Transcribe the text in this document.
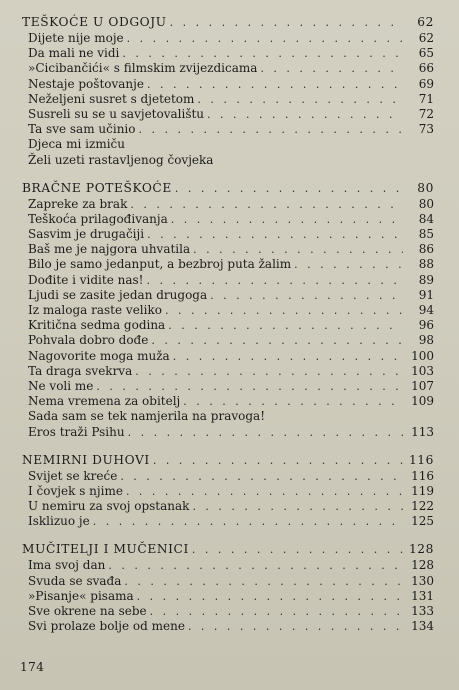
TEŠKOĆE U ODGOJU . . .	62
Dijete nije moje . . .	62
Da mali ne vidi . . .	65
»Cicibančići« s filmskim zvijezdicama . . .	66
Nestaje poštovanje . . .	69
Neželjeni susret s djetetom . . .	71
Susreli su se u savjetovalištu . . .	72
Ta sve sam učinio . . .	73
Djeca mi izmiču
Želi uzeti rastavljenog čovjeka
BRAČNE POTEŠKOĆE . . .	80
Zapreke za brak . . .	80
Teškoća prilagođivanja . . .	84
Sasvim je drugačiji . . .	85
Baš me je najgora uhvatila . . .	86
Bilo je samo jedanput, a bezbroj puta žalim . . .	88
Dođite i vidite nas! . . .	89
Ljudi se zasite jedan drugoga . . .	91
Iz maloga raste veliko . . .	94
Kritična sedma godina . . .	96
Pohvala dobro dođe . . .	98
Nagovorite moga muža . . .	100
Ta draga svekrva . . .	103
Ne voli me . . .	107
Nema vremena za obitelj . . .	109
Sada sam se tek namjerila na pravoga!
Eros traži Psihu . . .	113
NEMIRNI DUHOVI . . .	116
Svijet se kreće . . .	116
I čovjek s njime . . .	119
U nemiru za svoj opstanak . . .	122
Isklizuo je . . .	125
MUČITELJI I MUČENICI . . .	128
Ima svoj dan . . .	128
Svuda se svađa . . .	130
»Pisanje« pisama . . .	131
Sve okrene na sebe . . .	133
Svi prolaze bolje od mene . . .	134
174
